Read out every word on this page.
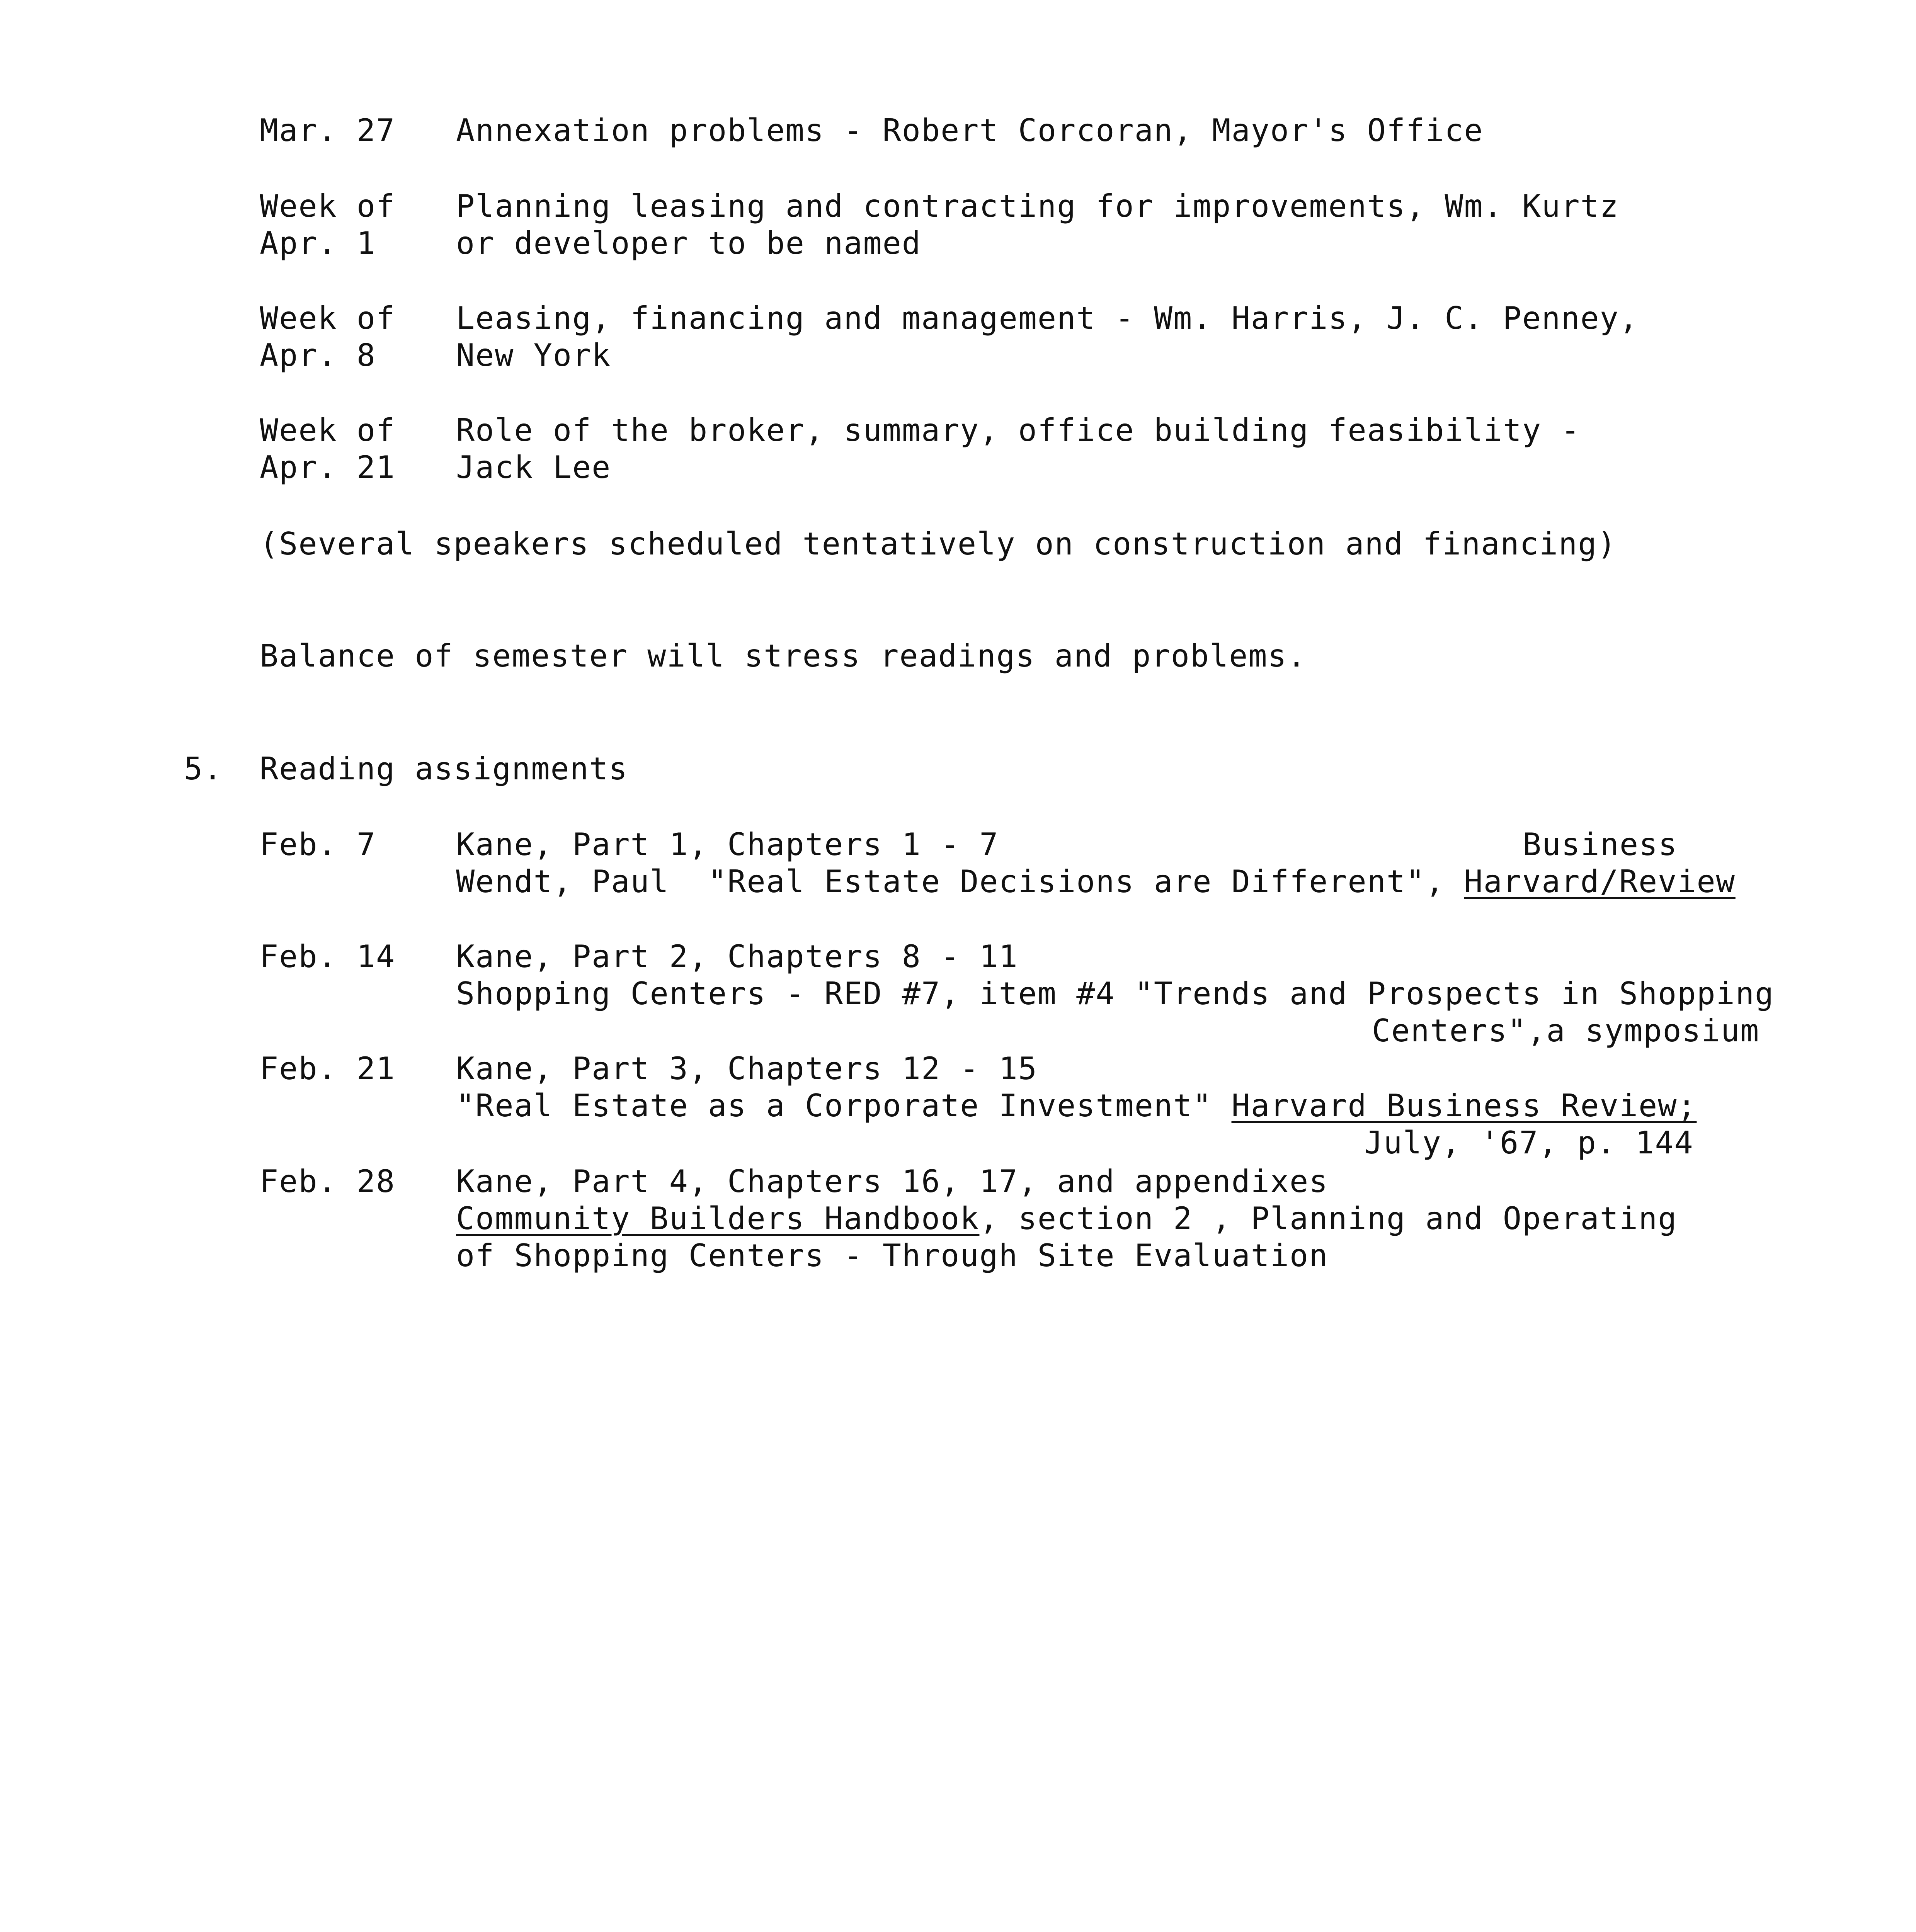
Mar. 27 Annexation problems - Robert Corcoran, Mayor's Office
Week of
Apr. 1
Planning leasing and contracting for improvements, Wm. Kurtz
or developer to be named
Week of
Apr. 8
Leasing, financing and management - Wm. Harris, J. C. Penney,
New York
Week of
Apr. 21
Role of the broker, summary, office building feasibility -
Jack Lee
(Several speakers scheduled tentatively on construction and financing)
Balance of semester will stress readings and problems.
5. Reading assignments
Feb. 7	Kane, Part 1, Chapters 1 - 7	Business
Wendt, Paul  "Real Estate Decisions are Different", Harvard/Review
Feb. 14 Kane, Part 2, Chapters 8 - 11
Shopping Centers - RED #7, item #4 "Trends and Prospects in Shopping
Centers",a symposium
Feb. 21 Kane, Part 3, Chapters 12 - 15
"Real Estate as a Corporate Investment" Harvard Business Review;
July, '67, p. 144
Feb. 28 Kane, Part 4, Chapters 16, 17, and appendixes
Community Builders Handbook, section 2 , Planning and Operating
of Shopping Centers - Through Site Evaluation
